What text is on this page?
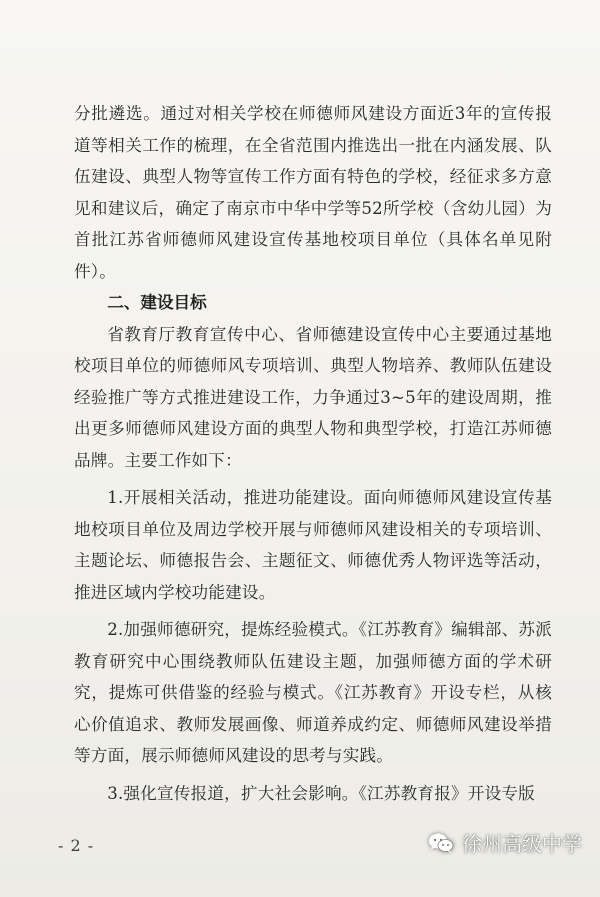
分批遴选。通过对相关学校在师德师风建设方面近3年的宣传报道等相关工作的梳理，在全省范围内推选出一批在内涵发展、队伍建设、典型人物等宣传工作方面有特色的学校，经征求多方意见和建议后，确定了南京市中华中学等52所学校（含幼儿园）为首批江苏省师德师风建设宣传基地校项目单位（具体名单见附件）。

二、建设目标

省教育厅教育宣传中心、省师德建设宣传中心主要通过基地校项目单位的师德师风专项培训、典型人物培养、教师队伍建设经验推广等方式推进建设工作，力争通过3~5年的建设周期，推出更多师德师风建设方面的典型人物和典型学校，打造江苏师德品牌。主要工作如下：

1.开展相关活动，推进功能建设。面向师德师风建设宣传基地校项目单位及周边学校开展与师德师风建设相关的专项培训、主题论坛、师德报告会、主题征文、师德优秀人物评选等活动，推进区域内学校功能建设。

2.加强师德研究，提炼经验模式。《江苏教育》编辑部、苏派教育研究中心围绕教师队伍建设主题，加强师德方面的学术研究，提炼可供借鉴的经验与模式。《江苏教育》开设专栏，从核心价值追求、教师发展画像、师道养成约定、师德师风建设举措等方面，展示师德师风建设的思考与实践。

3.强化宣传报道，扩大社会影响。《江苏教育报》开设专版

- 2 -	徐州高级中学
